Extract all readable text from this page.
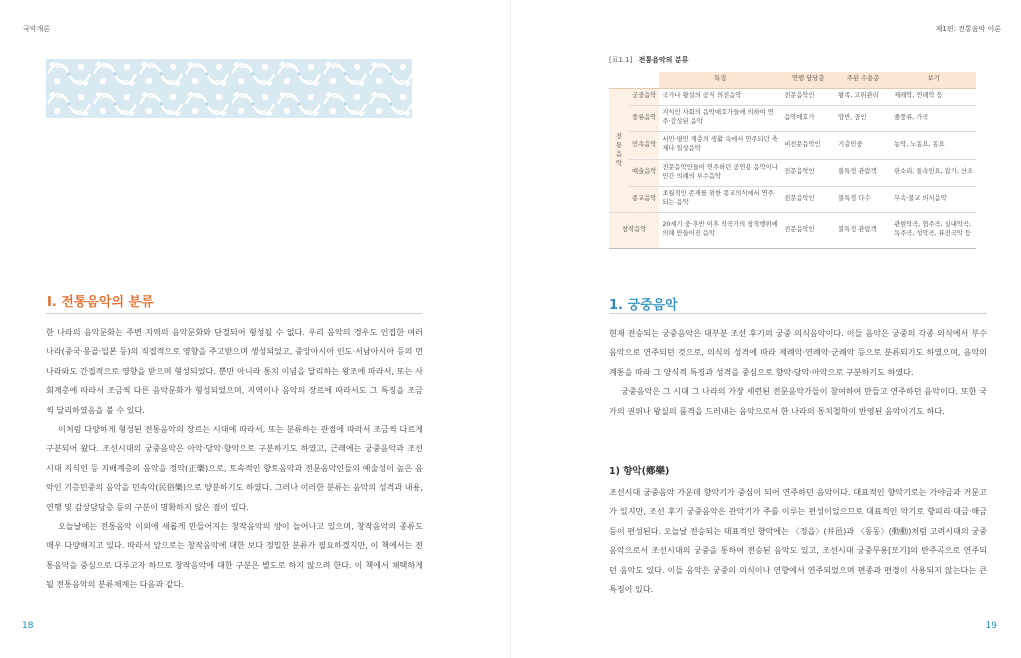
국악개론
I. 전통음악의 분류

한 나라의 음악문화는 주변 지역의 음악문화와 단절되어 형성될 수 없다. 우리 음악의 경우도 인접한 여러 나라(중국·몽골·일본 등)의 직접적으로 영향을 주고받으며 생성되었고, 중앙아시아 인도·서남아시아 등의 먼 나라와도 간접적으로 영향을 받으며 형성되었다. 뿐만 아니라 통치 이념을 달리하는 왕조에 따라서, 또는 사회계층에 따라서 조금씩 다른 음악문화가 형성되었으며, 지역이나 음악의 장르에 따라서도 그 특징을 조금씩 달리하였음을 볼 수 있다.

이처럼 다양하게 형성된 전통음악의 장르는 시대에 따라서, 또는 분류하는 관점에 따라서 조금씩 다르게 구분되어 왔다. 조선시대의 궁중음악은 아악·당악·향악으로 구분하기도 하였고, 근래에는 궁중음악과 조선시대 지식인 등 지배계층의 음악을 정악(正樂)으로, 토속적인 향토음악과 전문음악인들의 예술성이 높은 음악인 기층민중의 음악을 민속악(民俗樂)으로 양분하기도 하였다. 그러나 이러한 분류는 음악의 성격과 내용, 연행 및 감상담당층 등의 구분이 명확하지 않은 점이 있다.

오늘날에는 전통음악 이외에 새롭게 만들어지는 창작음악의 양이 늘어나고 있으며, 창작음악의 종류도 매우 다양해지고 있다. 따라서 앞으로는 창작음악에 대한 보다 정밀한 분류가 필요하겠지만, 이 책에서는 전통음악을 중심으로 다루고자 하므로 창작음악에 대한 구분은 별도로 하지 않으려 한다. 이 책에서 채택하게 될 전통음악의 분류체계는 다음과 같다.

18
제1편: 전통음악 이론
[표1.1] 전통음악의 분류
		특징	연행 담당층	주된 수용층	보기

전통음악	궁중음악	국가나 왕실의 공식 의전음악	전문음악인	왕족, 고위관리	제례악, 연례악 등
	풍류음악	지식인 사회의 음악애호가들에 의하여 연주·감상된 음악	음악애호가	양반, 중인	줄풍류, 가곡
	민속음악	서민·평민 계층의 생활 속에서 연주되던 축제나 일상음악	비전문음악인	기층민중	농악, 노동요, 동요
	예술음악	전문음악인들이 연주하던 공연용 음악이나 민간 의례의 부수음악	전문음악인	불특정 관람객	판소리, 통속민요, 잡가, 산조
	종교음악	초월적인 존재를 위한 종교의식에서 연주되는 음악	전문음악인	불특정 다수	무속·불교 의식음악
창작음악		20세기 중·후반 이후 작곡가의 창작행위에 의해 만들어진 음악	전문음악인	불특정 관람객	관현악곡, 협주곡, 실내악곡, 독주곡, 성악곡, 퓨전국악 등
1. 궁중음악

현재 전승되는 궁중음악은 대부분 조선 후기의 궁중 의식음악이다. 이들 음악은 궁중의 각종 의식에서 부수음악으로 연주되던 것으로, 의식의 성격에 따라 제례악·연례악·군례악 등으로 분류되기도 하였으며, 음악의 계통을 따라 그 양식적 특징과 성격을 중심으로 향악·당악·아악으로 구분하기도 하였다.

궁중음악은 그 시대 그 나라의 가장 세련된 전문음악가들이 참여하여 만들고 연주하던 음악이다. 또한 국가의 권위나 왕실의 품격을 드러내는 음악으로서 한 나라의 통치철학이 반영된 음악이기도 하다.

1) 향악(鄕樂)

조선시대 궁중음악 가운데 향악기가 중심이 되어 연주하던 음악이다. 대표적인 향악기로는 가야금과 거문고가 있지만, 조선 후기 궁중음악은 관악기가 주를 이루는 편성이었으므로 대표적인 악기로 향피리·대금·해금 등이 편성된다. 오늘날 전승되는 대표적인 향악에는 〈정읍〉(井邑)과 〈동동〉(動動)처럼 고려시대의 궁중음악으로서 조선시대의 궁중을 통하여 전승된 음악도 있고, 조선시대 궁중무용[모기]의 반주곡으로 연주되던 음악도 있다. 이들 음악은 궁중의 의식이나 연향에서 연주되었으며 편종과 편경이 사용되지 않는다는 큰 특징이 있다.

19
